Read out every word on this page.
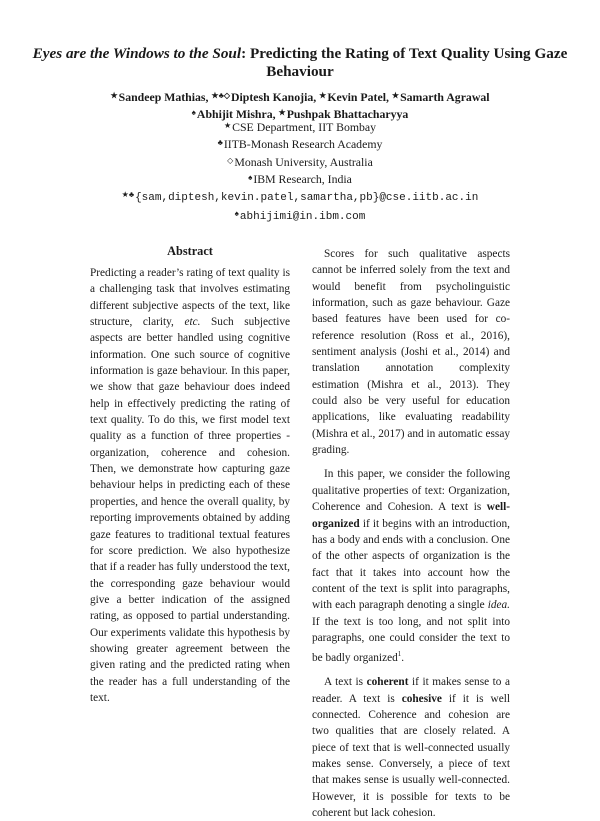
Eyes are the Windows to the Soul: Predicting the Rating of Text Quality Using Gaze Behaviour
★Sandeep Mathias, ★♣◇Diptesh Kanojia, ★Kevin Patel, ★Samarth Agrawal
♠Abhijit Mishra, ★Pushpak Bhattacharyya
★CSE Department, IIT Bombay
♣IITB-Monash Research Academy
◇Monash University, Australia
♠IBM Research, India
★♣{sam,diptesh,kevin.patel,samartha,pb}@cse.iitb.ac.in
♠abhijimi@in.ibm.com
Abstract

Predicting a reader’s rating of text quality is a challenging task that involves estimating different subjective aspects of the text, like structure, clarity, etc. Such subjective aspects are better handled using cognitive information. One such source of cognitive information is gaze behaviour. In this paper, we show that gaze behaviour does indeed help in effectively predicting the rating of text quality. To do this, we first model text quality as a function of three properties - organization, coherence and cohesion. Then, we demonstrate how capturing gaze behaviour helps in predicting each of these properties, and hence the overall quality, by reporting improvements obtained by adding gaze features to traditional textual features for score prediction. We also hypothesize that if a reader has fully understood the text, the corresponding gaze behaviour would give a better indication of the assigned rating, as opposed to partial understanding. Our experiments validate this hypothesis by showing greater agreement between the given rating and the predicted rating when the reader has a full understanding of the text.

Scores for such qualitative aspects cannot be inferred solely from the text and would benefit from psycholinguistic information, such as gaze behaviour. Gaze based features have been used for co-reference resolution (Ross et al., 2016), sentiment analysis (Joshi et al., 2014) and translation annotation complexity estimation (Mishra et al., 2013). They could also be very useful for education applications, like evaluating readability (Mishra et al., 2017) and in automatic essay grading.

In this paper, we consider the following qualitative properties of text: Organization, Coherence and Cohesion. A text is well-organized if it begins with an introduction, has a body and ends with a conclusion. One of the other aspects of organization is the fact that it takes into account how the content of the text is split into paragraphs, with each paragraph denoting a single idea. If the text is too long, and not split into paragraphs, one could consider the text to be badly organized$^1$.

A text is coherent if it makes sense to a reader. A text is cohesive if it is well connected. Coherence and cohesion are two qualities that are closely related. A piece of text that is well-connected usually makes sense. Conversely, a piece of text that makes sense is usually well-connected. However, it is possible for texts to be coherent but lack cohesion.
